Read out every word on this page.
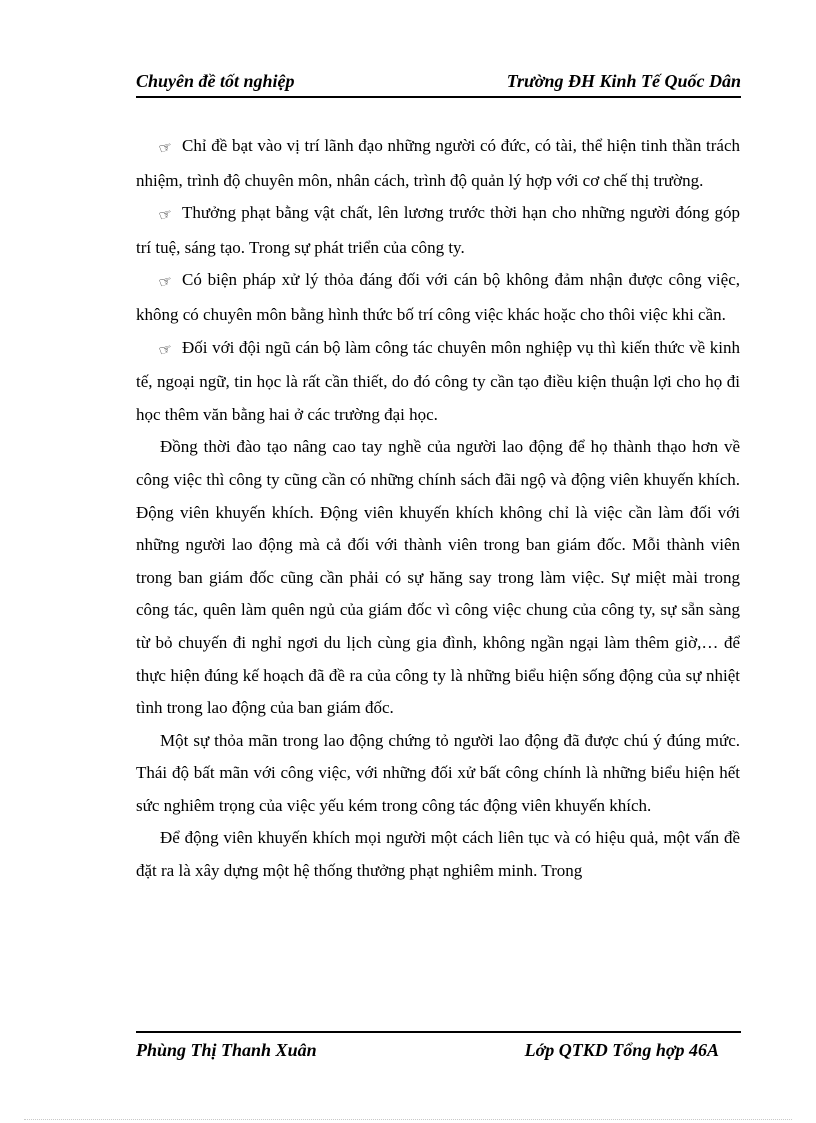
Chuyên đề tốt nghiệp	Trường ĐH Kinh Tế Quốc Dân

☞ Chỉ đề bạt vào vị trí lãnh đạo những người có đức, có tài, thể hiện tinh thần trách nhiệm, trình độ chuyên môn, nhân cách, trình độ quản lý hợp với cơ chế thị trường.

☞ Thưởng phạt bằng vật chất, lên lương trước thời hạn cho những người đóng góp trí tuệ, sáng tạo. Trong sự phát triển của công ty.

☞ Có biện pháp xử lý thỏa đáng đối với cán bộ không đảm nhận được công việc, không có chuyên môn bằng hình thức bố trí công việc khác hoặc cho thôi việc khi cần.

☞ Đối với đội ngũ cán bộ làm công tác chuyên môn nghiệp vụ thì kiến thức về kinh tế, ngoại ngữ, tin học là rất cần thiết, do đó công ty cần tạo điều kiện thuận lợi cho họ đi học thêm văn bằng hai ở các trường đại học.

Đồng thời đào tạo nâng cao tay nghề của người lao động để họ thành thạo hơn về công việc thì công ty cũng cần có những chính sách đãi ngộ và động viên khuyến khích. Động viên khuyến khích. Động viên khuyến khích không chỉ là việc cần làm đối với những người lao động mà cả đối với thành viên trong ban giám đốc. Mỗi thành viên trong ban giám đốc cũng cần phải có sự hăng say trong làm việc. Sự miệt mài trong công tác, quên làm quên ngủ của giám đốc vì công việc chung của công ty, sự sẵn sàng từ bỏ chuyến đi nghỉ ngơi du lịch cùng gia đình, không ngần ngại làm thêm giờ,… để thực hiện đúng kế hoạch đã đề ra của công ty là những biểu hiện sống động của sự nhiệt tình trong lao động của ban giám đốc.

Một sự thỏa mãn trong lao động chứng tỏ người lao động đã được chú ý đúng mức. Thái độ bất mãn với công việc, với những đối xử bất công chính là những biểu hiện hết sức nghiêm trọng của việc yếu kém trong công tác động viên khuyến khích.

Để động viên khuyến khích mọi người một cách liên tục và có hiệu quả, một vấn đề đặt ra là xây dựng một hệ thống thưởng phạt nghiêm minh. Trong

Phùng Thị Thanh Xuân	Lớp QTKD Tổng hợp 46A
